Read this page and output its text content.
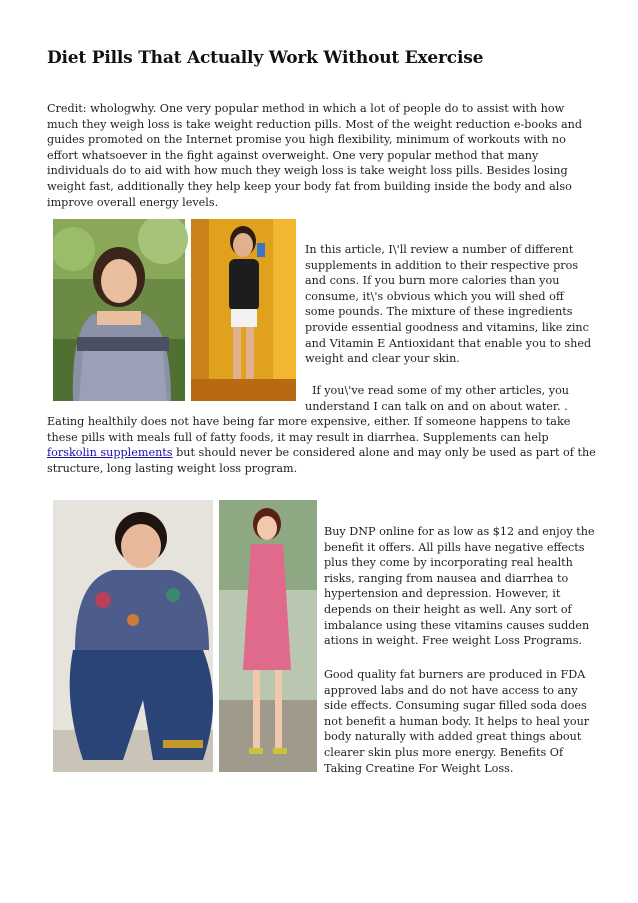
Diet Pills That Actually Work Without Exercise

Credit: whologwhy. One very popular method in which a lot of people do to assist with how much they weigh loss is take weight reduction pills. Most of the weight reduction e-books and guides promoted on the Internet promise you high flexibility, minimum of workouts with no effort whatsoever in the fight against overweight. One very popular method that many individuals do to aid with how much they weigh loss is take weight loss pills. Besides losing weight fast, additionally they help keep your body fat from building inside the body and also improve overall energy levels.

In this article, I\'ll review a number of different supplements in addition to their respective pros and cons. If you burn more calories than you consume, it\'s obvious which you will shed off some pounds. The mixture of these ingredients provide essential goodness and vitamins, like zinc and Vitamin E Antioxidant that enable you to shed weight and clear your skin.

If you\'ve read some of my other articles, you understand I can talk on and on about water. .

Eating healthily does not have being far more expensive, either. If someone happens to take these pills with meals full of fatty foods, it may result in diarrhea. Supplements can help forskolin supplements but should never be considered alone and may only be used as part of the structure, long lasting weight loss program.

Buy DNP online for as low as $12 and enjoy the benefit it offers. All pills have negative effects plus they come by incorporating real health risks, ranging from nausea and diarrhea to hypertension and depression. However, it depends on their height as well. Any sort of imbalance using these vitamins causes sudden ations in weight. Free weight Loss Programs.

Good quality fat burners are produced in FDA approved labs and do not have access to any side effects. Consuming sugar filled soda does not benefit a human body. It helps to heal your body naturally with added great things about clearer skin plus more energy. Benefits Of Taking Creatine For Weight Loss.
